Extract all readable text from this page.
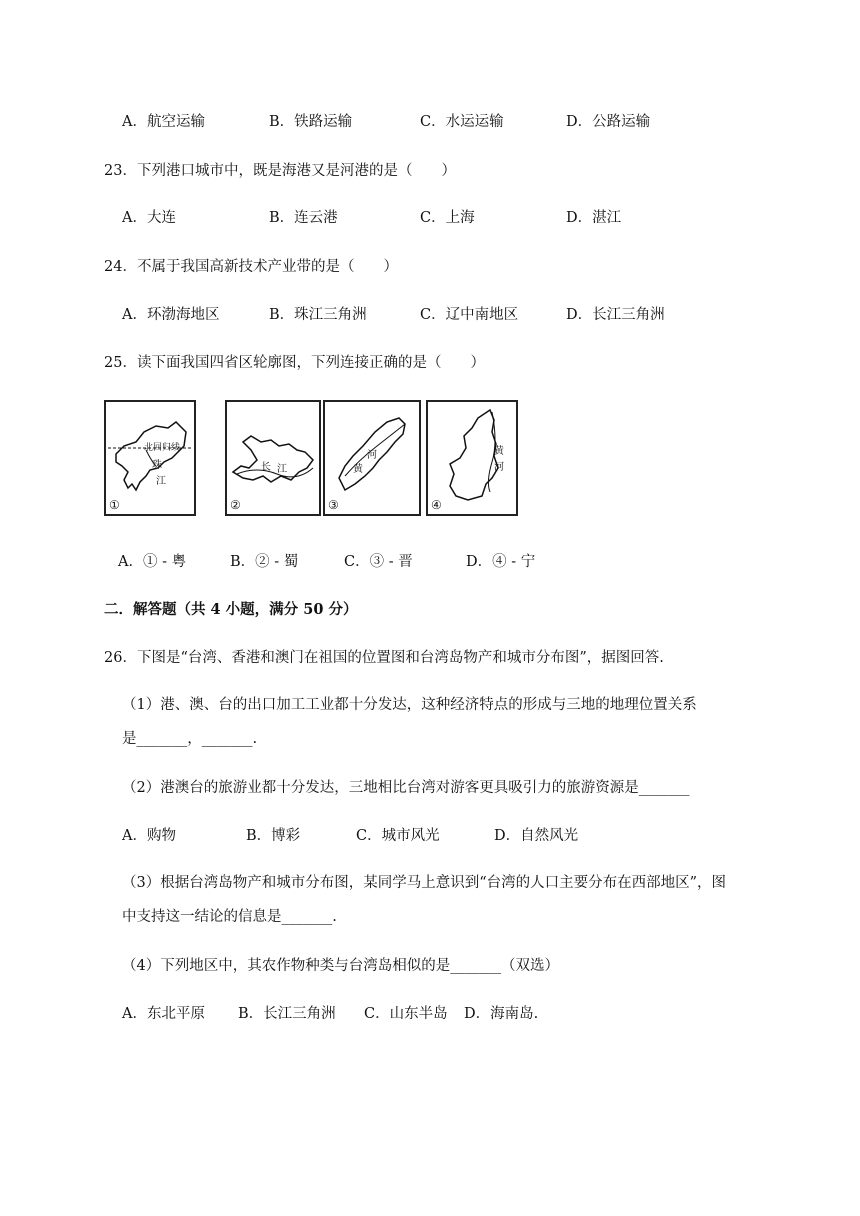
A．航空运输	B．铁路运输	C．水运运输	D．公路运输
23．下列港口城市中，既是海港又是河港的是（　　）
A．大连	B．连云港	C．上海	D．湛江
24．不属于我国高新技术产业带的是（　　）
A．环渤海地区	B．珠江三角洲	C．辽中南地区	D．长江三角洲
25．读下面我国四省区轮廓图，下列连接正确的是（　　）
北回归线
珠
江
①
长 江
②
河
黄
③
黄
河
④
A．① - 粤	B．② - 蜀	C．③ - 晋	D．④ - 宁
二．解答题（共 4 小题，满分 50 分）
26．下图是“台湾、香港和澳门在祖国的位置图和台湾岛物产和城市分布图”，据图回答.
（1）港、澳、台的出口加工工业都十分发达，这种经济特点的形成与三地的地理位置关系
是_______，_______.
（2）港澳台的旅游业都十分发达，三地相比台湾对游客更具吸引力的旅游资源是_______
A．购物	B．博彩	C．城市风光	D．自然风光
（3）根据台湾岛物产和城市分布图，某同学马上意识到“台湾的人口主要分布在西部地区”，图
中支持这一结论的信息是_______.
（4）下列地区中，其农作物种类与台湾岛相似的是_______（双选）
A．东北平原 B．长江三角洲 C．山东半岛 D．海南岛.
